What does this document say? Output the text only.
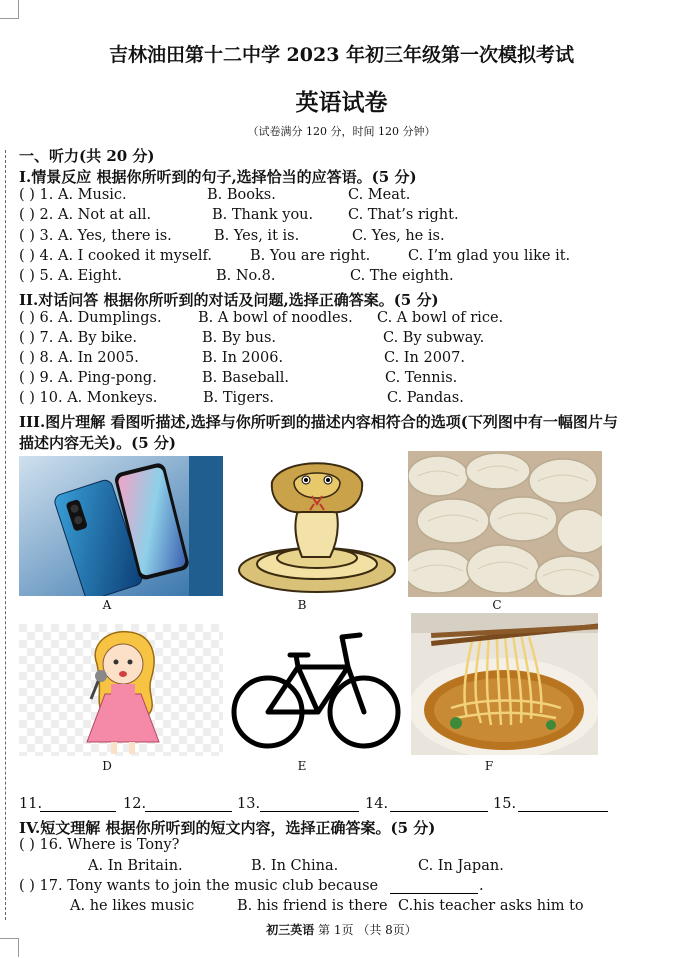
吉林油田第十二中学 2023 年初三年级第一次模拟考试
英语试卷
（试卷满分 120 分，时间 120 分钟）
一、听力(共 20 分)
I.情景反应 根据你所听到的句子,选择恰当的应答语。(5 分)
( ) 1. A. Music.	B. Books.	C. Meat.
( ) 2. A. Not at all.	B. Thank you. C. That’s right.
( ) 3. A. Yes, there is.	B. Yes, it is.	C. Yes, he is.
( ) 4. A. I cooked it myself.	B. You are right.	C. I’m glad you like it.
( ) 5. A. Eight.	B. No.8.	C. The eighth.
II.对话问答 根据你所听到的对话及问题,选择正确答案。(5 分)
( ) 6. A. Dumplings.	B. A bowl of noodles. C. A bowl of rice.
( ) 7. A. By bike.	B. By bus.	C. By subway.
( ) 8. A. In 2005.	B. In 2006.	C. In 2007.
( ) 9. A. Ping-pong.	B. Baseball.	C. Tennis.
( ) 10. A. Monkeys.	B. Tigers.	C. Pandas.
III.图片理解 看图听描述,选择与你所听到的描述内容相符合的选项(下列图中有一幅图片与
描述内容无关)。(5 分)
A	B	C
D	E	F
11.	12.	13.	14.	15.
IV.短文理解 根据你所听到的短文内容，选择正确答案。(5 分)
( ) 16. Where is Tony?
A. In Britain.	B. In China.	C. In Japan.
( ) 17. Tony wants to join the music club because	.
A. he likes music	B. his friend is there C.his teacher asks him to
初三英语 第 1页 （共 8页）
